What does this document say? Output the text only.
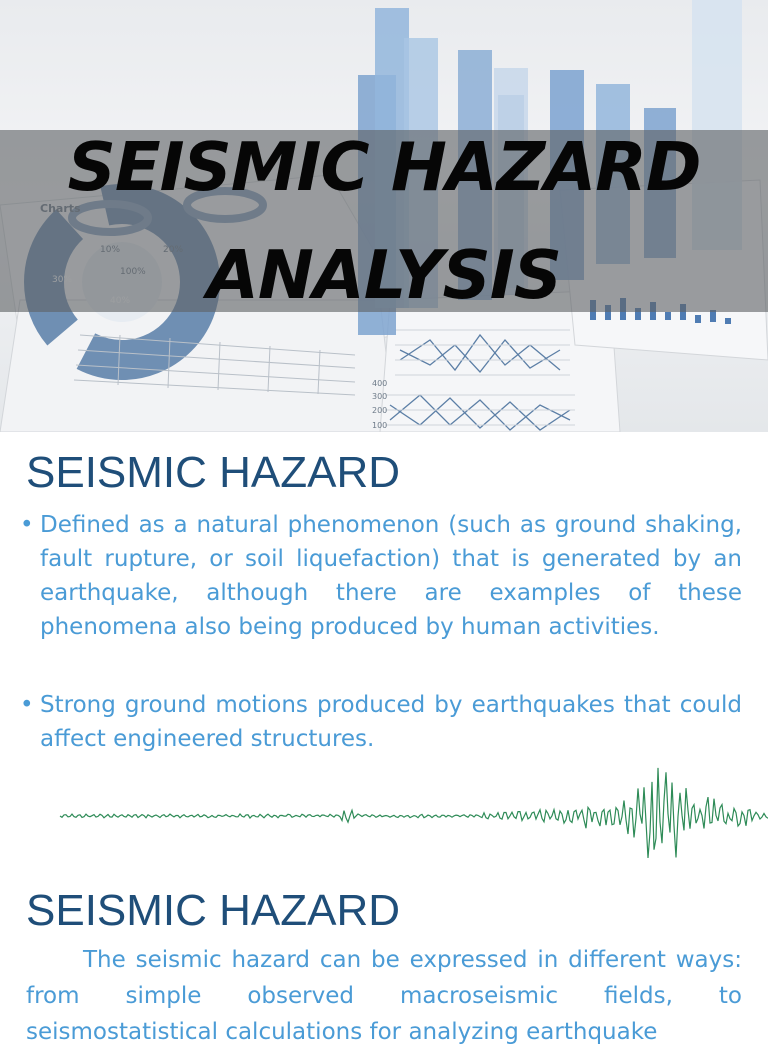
400
300
200
100
SEISMIC HAZARD
ANALYSIS
SEISMIC HAZARD
• Defined as a natural phenomenon (such as ground shaking, fault rupture, or soil liquefaction) that is generated by an earthquake, although there are examples of these phenomena also being produced by human activities.
• Strong ground motions produced by earthquakes that could affect engineered structures.
SEISMIC HAZARD
The seismic hazard can be expressed in different ways: from simple observed macroseismic fields, to seismostatistical calculations for analyzing earthquake
